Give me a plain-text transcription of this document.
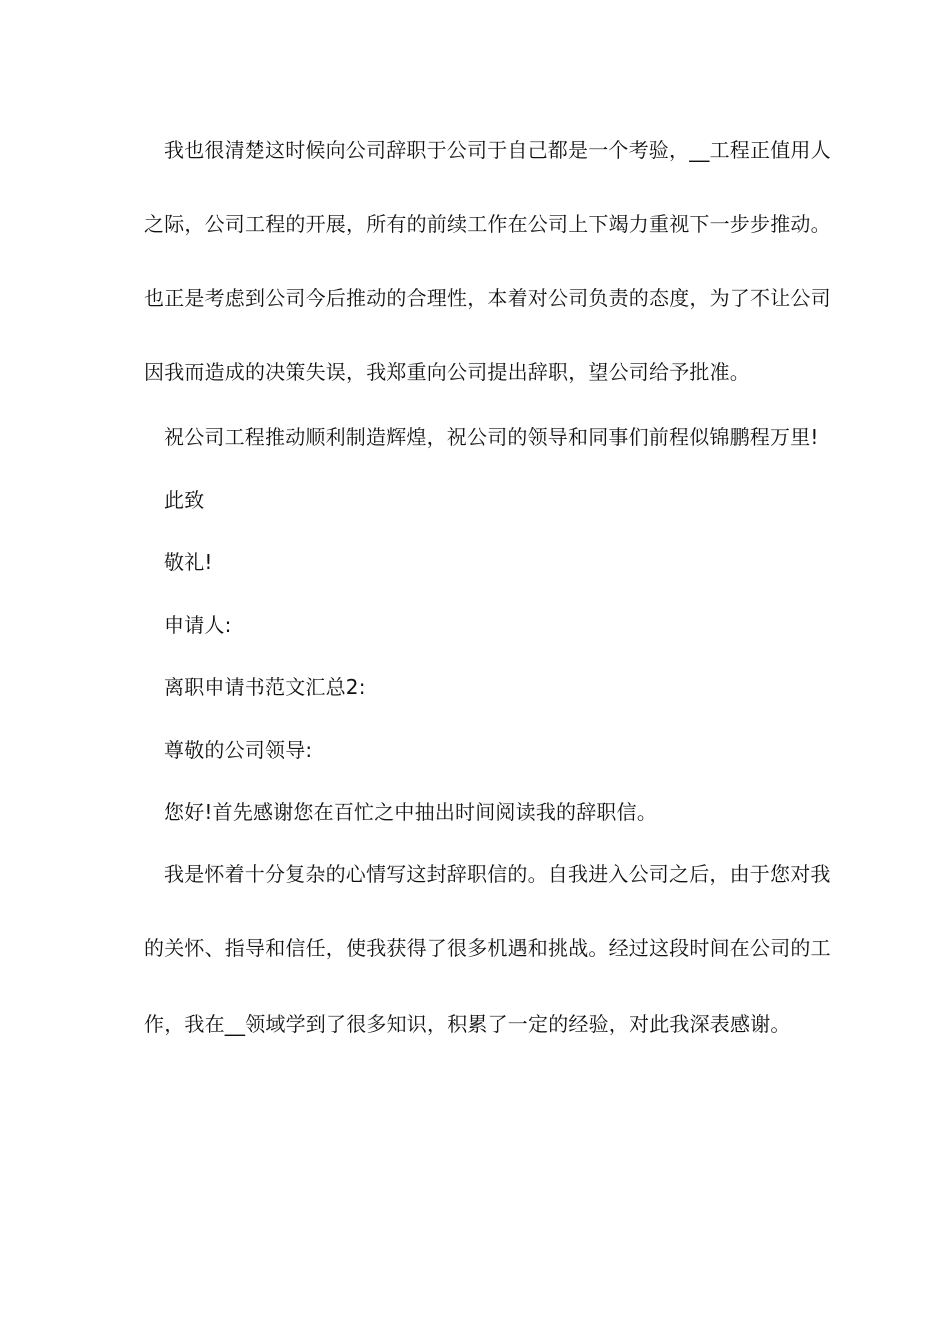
我也很清楚这时候向公司辞职于公司于自己都是一个考验，__工程正值用人
之际，公司工程的开展，所有的前续工作在公司上下竭力重视下一步步推动。
也正是考虑到公司今后推动的合理性，本着对公司负责的态度，为了不让公司
因我而造成的决策失误，我郑重向公司提出辞职，望公司给予批准。
祝公司工程推动顺利制造辉煌，祝公司的领导和同事们前程似锦鹏程万里!
此致
敬礼!
申请人:
离职申请书范文汇总2:
尊敬的公司领导:
您好!首先感谢您在百忙之中抽出时间阅读我的辞职信。
我是怀着十分复杂的心情写这封辞职信的。自我进入公司之后，由于您对我
的关怀、指导和信任，使我获得了很多机遇和挑战。经过这段时间在公司的工
作，我在__领域学到了很多知识，积累了一定的经验，对此我深表感谢。
